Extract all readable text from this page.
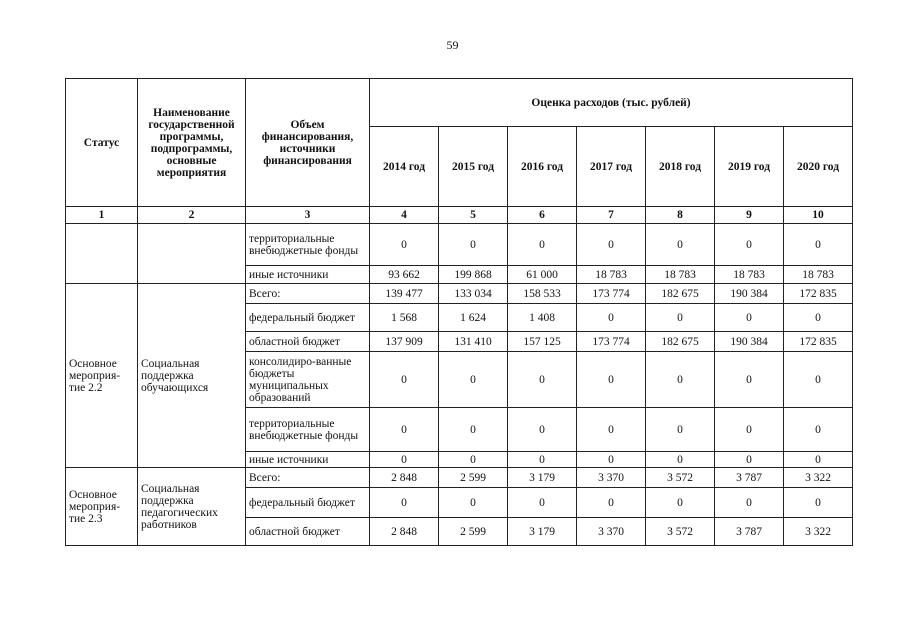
59
Статус	Наименование государственной программы, подпрограммы, основные мероприятия	Объем финансирования, источники финансирования	Оценка расходов (тыс. рублей)						
			2014 год	2015 год	2016 год	2017 год	2018 год	2019 год	2020 год
1	2	3	4	5	6	7	8	9	10
		территориальные внебюджетные фонды	0	0	0	0	0	0	0
		иные источники	93 662	199 868	61 000	18 783	18 783	18 783	18 783
Основное мероприя-тие 2.2	Социальная поддержка обучающихся	Всего:	139 477	133 034	158 533	173 774	182 675	190 384	172 835
		федеральный бюджет	1 568	1 624	1 408	0	0	0	0
		областной бюджет	137 909	131 410	157 125	173 774	182 675	190 384	172 835
		консолидиро-ванные бюджеты муниципальных образований	0	0	0	0	0	0	0
		территориальные внебюджетные фонды	0	0	0	0	0	0	0
		иные источники	0	0	0	0	0	0	0
Основное мероприя-тие 2.3	Социальная поддержка педагогических работников	Всего:	2 848	2 599	3 179	3 370	3 572	3 787	3 322
		федеральный бюджет	0	0	0	0	0	0	0
		областной бюджет	2 848	2 599	3 179	3 370	3 572	3 787	3 322
